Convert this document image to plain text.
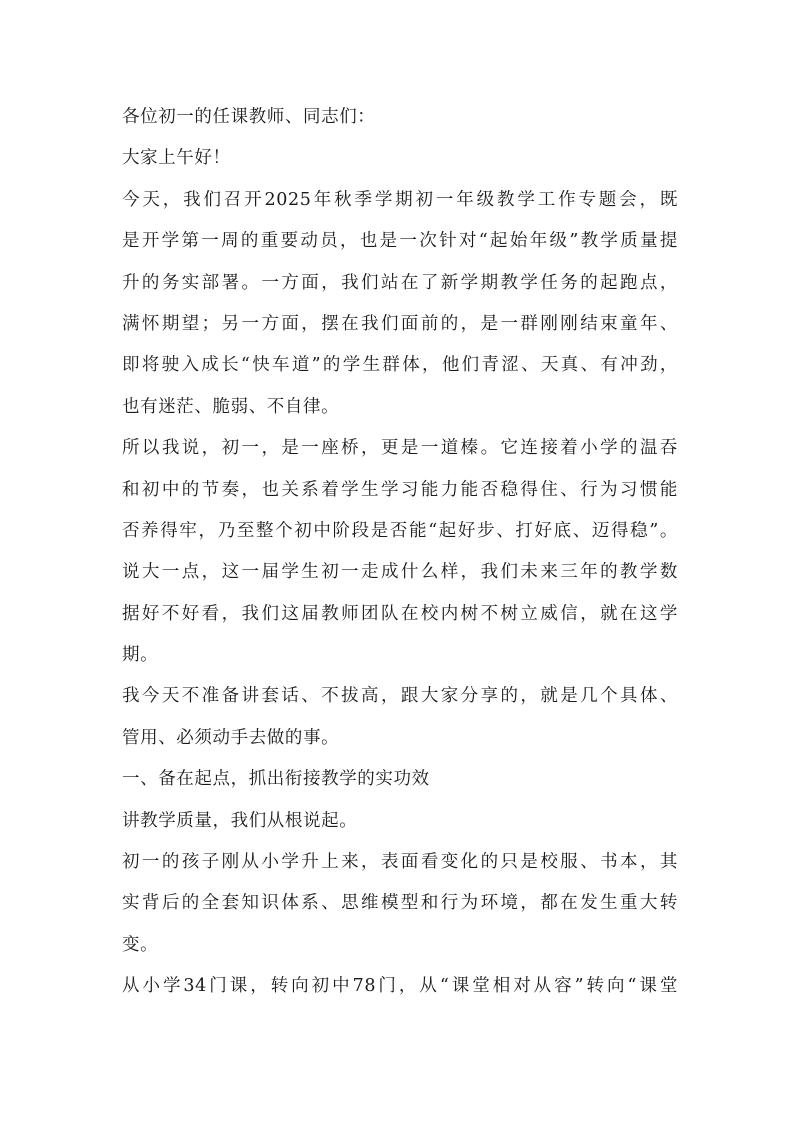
各位初一的任课教师、同志们：
大家上午好！
今天，我们召开2025年秋季学期初一年级教学工作专题会，既
是开学第一周的重要动员，也是一次针对“起始年级”教学质量提
升的务实部署。一方面，我们站在了新学期教学任务的起跑点，
满怀期望；另一方面，摆在我们面前的，是一群刚刚结束童年、
即将驶入成长“快车道”的学生群体，他们青涩、天真、有冲劲，
也有迷茫、脆弱、不自律。
所以我说，初一，是一座桥，更是一道榛。它连接着小学的温吞
和初中的节奏，也关系着学生学习能力能否稳得住、行为习惯能
否养得牢，乃至整个初中阶段是否能“起好步、打好底、迈得稳”。
说大一点，这一届学生初一走成什么样，我们未来三年的教学数
据好不好看，我们这届教师团队在校内树不树立威信，就在这学
期。
我今天不准备讲套话、不拔高，跟大家分享的，就是几个具体、
管用、必须动手去做的事。
一、备在起点，抓出衔接教学的实功效
讲教学质量，我们从根说起。
初一的孩子刚从小学升上来，表面看变化的只是校服、书本，其
实背后的全套知识体系、思维模型和行为环境，都在发生重大转
变。
从小学34门课，转向初中78门，从“课堂相对从容”转向“课堂
